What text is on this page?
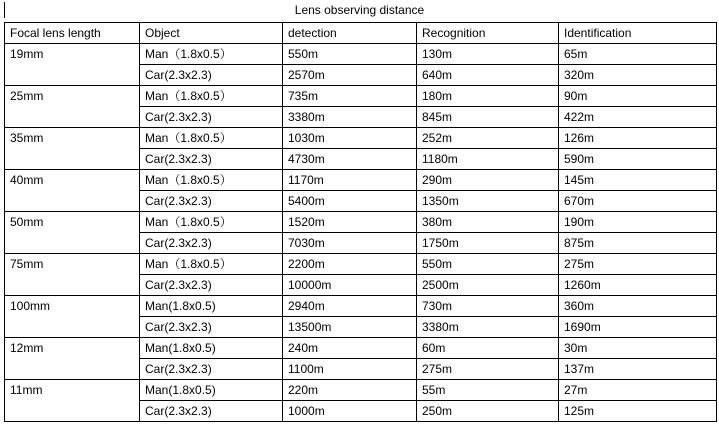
Lens observing distance
Focal lens length	Object	detection	Recognition	Identification
19mm	Man（1.8x0.5）	550m	130m	65m
	Car(2.3x2.3)	2570m	640m	320m
25mm	Man（1.8x0.5）	735m	180m	90m
	Car(2.3x2.3)	3380m	845m	422m
35mm	Man（1.8x0.5）	1030m	252m	126m
	Car(2.3x2.3)	4730m	1180m	590m
40mm	Man（1.8x0.5）	1170m	290m	145m
	Car(2.3x2.3)	5400m	1350m	670m
50mm	Man（1.8x0.5）	1520m	380m	190m
	Car(2.3x2.3)	7030m	1750m	875m
75mm	Man（1.8x0.5）	2200m	550m	275m
	Car(2.3x2.3)	10000m	2500m	1260m
100mm	Man(1.8x0.5)	2940m	730m	360m
	Car(2.3x2.3)	13500m	3380m	1690m
12mm	Man(1.8x0.5)	240m	60m	30m
	Car(2.3x2.3)	1100m	275m	137m
11mm	Man(1.8x0.5)	220m	55m	27m
	Car(2.3x2.3)	1000m	250m	125m
